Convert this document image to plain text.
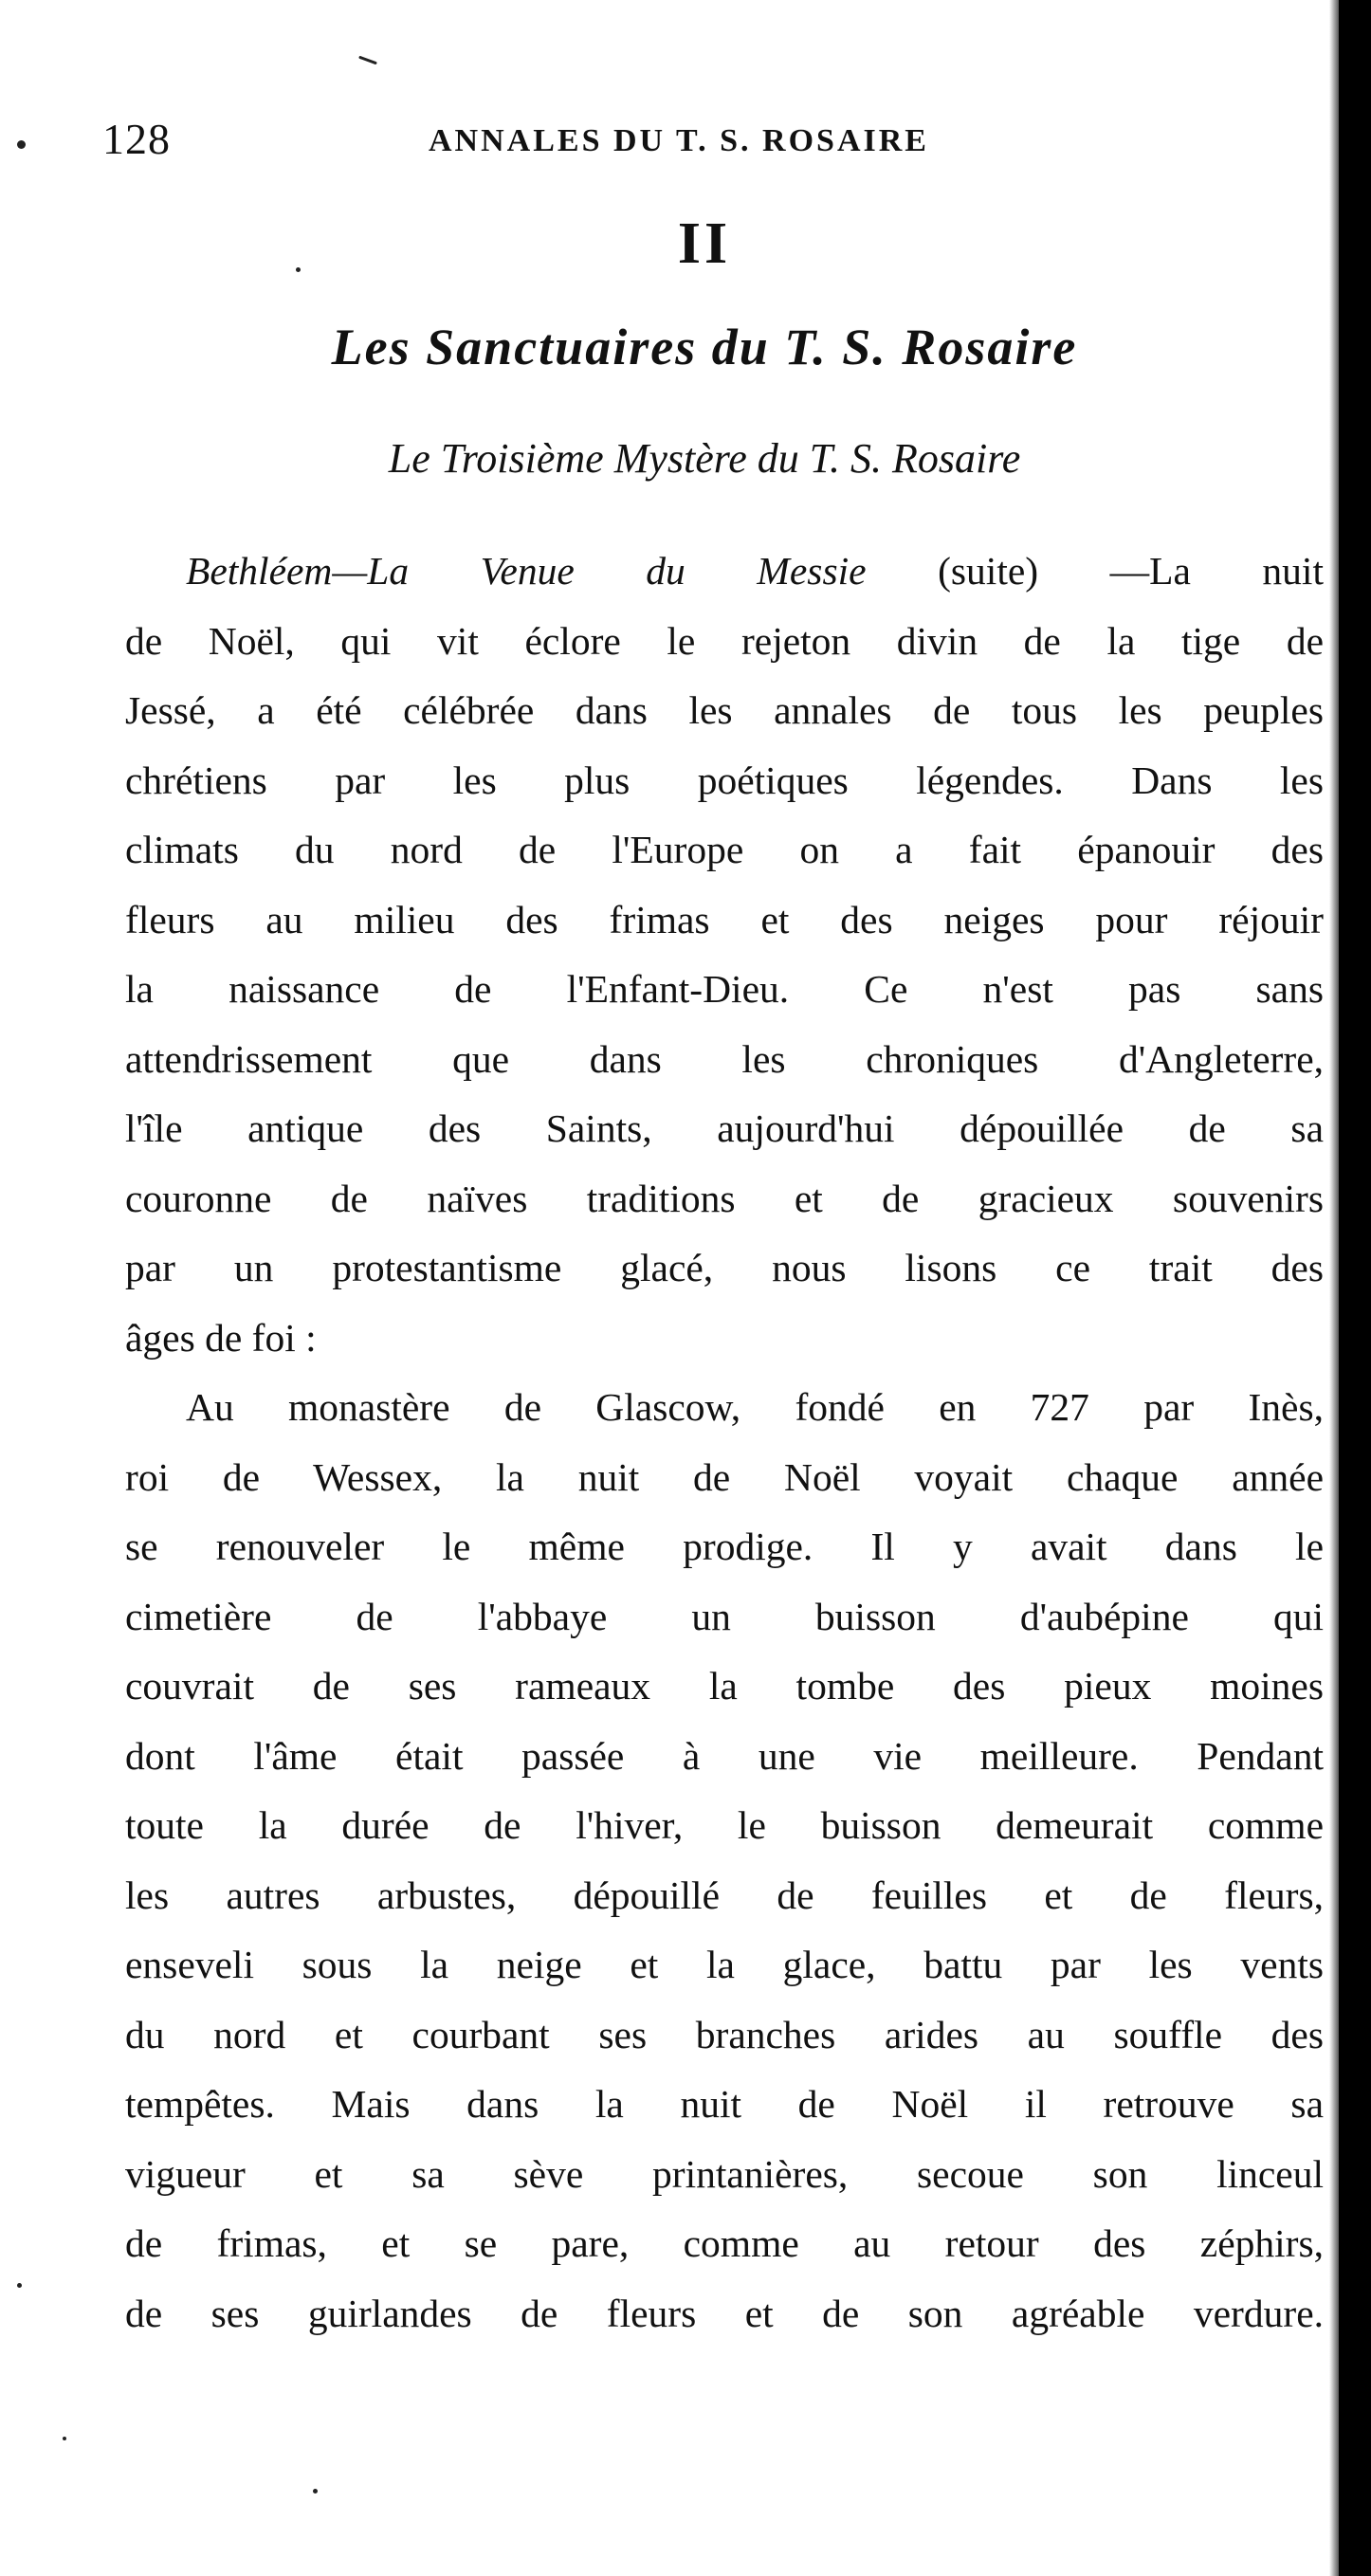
128	ANNALES DU T. S. ROSAIRE
II
Les Sanctuaires du T. S. Rosaire
Le Troisième Mystère du T. S. Rosaire
Bethléem—La Venue du Messie (suite) —La nuit
de Noël, qui vit éclore le rejeton divin de la tige de
Jessé, a été célébrée dans les annales de tous les peuples
chrétiens par les plus poétiques légendes. Dans les
climats du nord de l'Europe on a fait épanouir des
fleurs au milieu des frimas et des neiges pour réjouir
la naissance de l'Enfant-Dieu. Ce n'est pas sans
attendrissement que dans les chroniques d'Angleterre,
l'île antique des Saints, aujourd'hui dépouillée de sa
couronne de naïves traditions et de gracieux souvenirs
par un protestantisme glacé, nous lisons ce trait des
âges de foi :
Au monastère de Glascow, fondé en 727 par Inès,
roi de Wessex, la nuit de Noël voyait chaque année
se renouveler le même prodige. Il y avait dans le
cimetière de l'abbaye un buisson d'aubépine qui
couvrait de ses rameaux la tombe des pieux moines
dont l'âme était passée à une vie meilleure. Pendant
toute la durée de l'hiver, le buisson demeurait comme
les autres arbustes, dépouillé de feuilles et de fleurs,
enseveli sous la neige et la glace, battu par les vents
du nord et courbant ses branches arides au souffle des
tempêtes. Mais dans la nuit de Noël il retrouve sa
vigueur et sa sève printanières, secoue son linceul
de frimas, et se pare, comme au retour des zéphirs,
de ses guirlandes de fleurs et de son agréable verdure.
